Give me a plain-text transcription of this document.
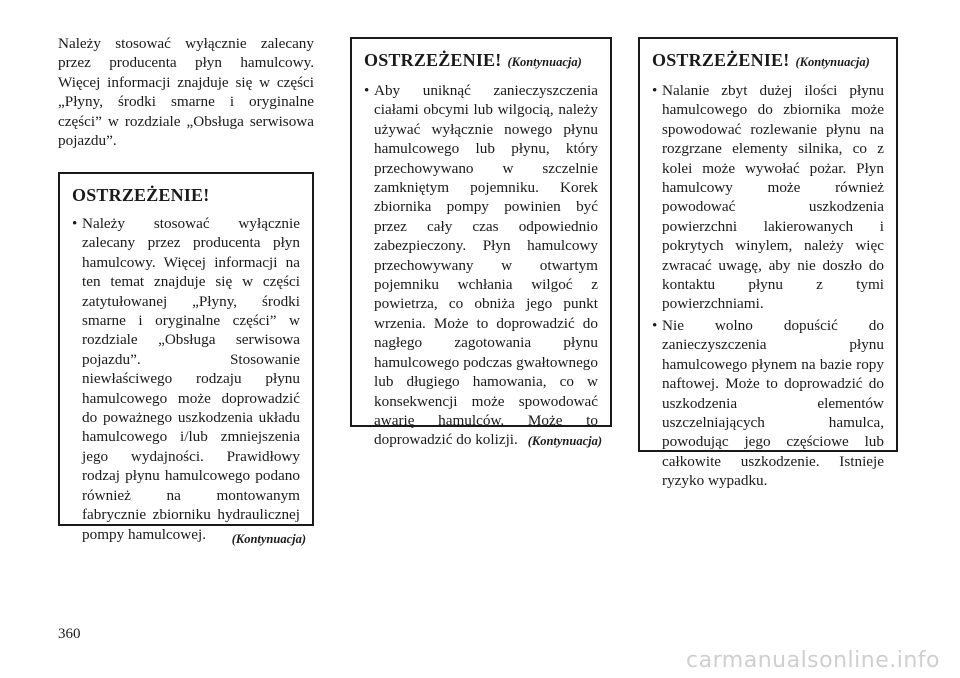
Należy stosować wyłącznie zalecany przez producenta płyn hamulcowy. Więcej informacji znajduje się w części „Płyny, środki smarne i oryginalne części” w rozdziale „Obsługa serwisowa pojazdu”.

OSTRZEŻENIE!
• Należy stosować wyłącznie zalecany przez producenta płyn hamulcowy. Więcej informacji na ten temat znajduje się w części zatytułowanej „Płyny, środki smarne i oryginalne części” w rozdziale „Obsługa serwisowa pojazdu”. Stosowanie niewłaściwego rodzaju płynu hamulcowego może doprowadzić do poważnego uszkodzenia układu hamulcowego i/lub zmniejszenia jego wydajności. Prawidłowy rodzaj płynu hamulcowego podano również na montowanym fabrycznie zbiorniku hydraulicznej pompy hamulcowej.	(Kontynuacja)
OSTRZEŻENIE! (Kontynuacja)
• Aby uniknąć zanieczyszczenia ciałami obcymi lub wilgocią, należy używać wyłącznie nowego płynu hamulcowego lub płynu, który przechowywano w szczelnie zamkniętym pojemniku. Korek zbiornika pompy powinien być przez cały czas odpowiednio zabezpieczony. Płyn hamulcowy przechowywany w otwartym pojemniku wchłania wilgoć z powietrza, co obniża jego punkt wrzenia. Może to doprowadzić do nagłego zagotowania płynu hamulcowego podczas gwałtownego lub długiego hamowania, co w konsekwencji może spowodować awarię hamulców. Może to doprowadzić do kolizji. (Kontynuacja)
OSTRZEŻENIE! (Kontynuacja)
• Nalanie zbyt dużej ilości płynu hamulcowego do zbiornika może spowodować rozlewanie płynu na rozgrzane elementy silnika, co z kolei może wywołać pożar. Płyn hamulcowy może również powodować uszkodzenia powierzchni lakierowanych i pokrytych winylem, należy więc zwracać uwagę, aby nie doszło do kontaktu płynu z tymi powierzchniami.
• Nie wolno dopuścić do zanieczyszczenia płynu hamulcowego płynem na bazie ropy naftowej. Może to doprowadzić do uszkodzenia elementów uszczelniających hamulca, powodując jego częściowe lub całkowite uszkodzenie. Istnieje ryzyko wypadku.
360
carmanualsonline.info
